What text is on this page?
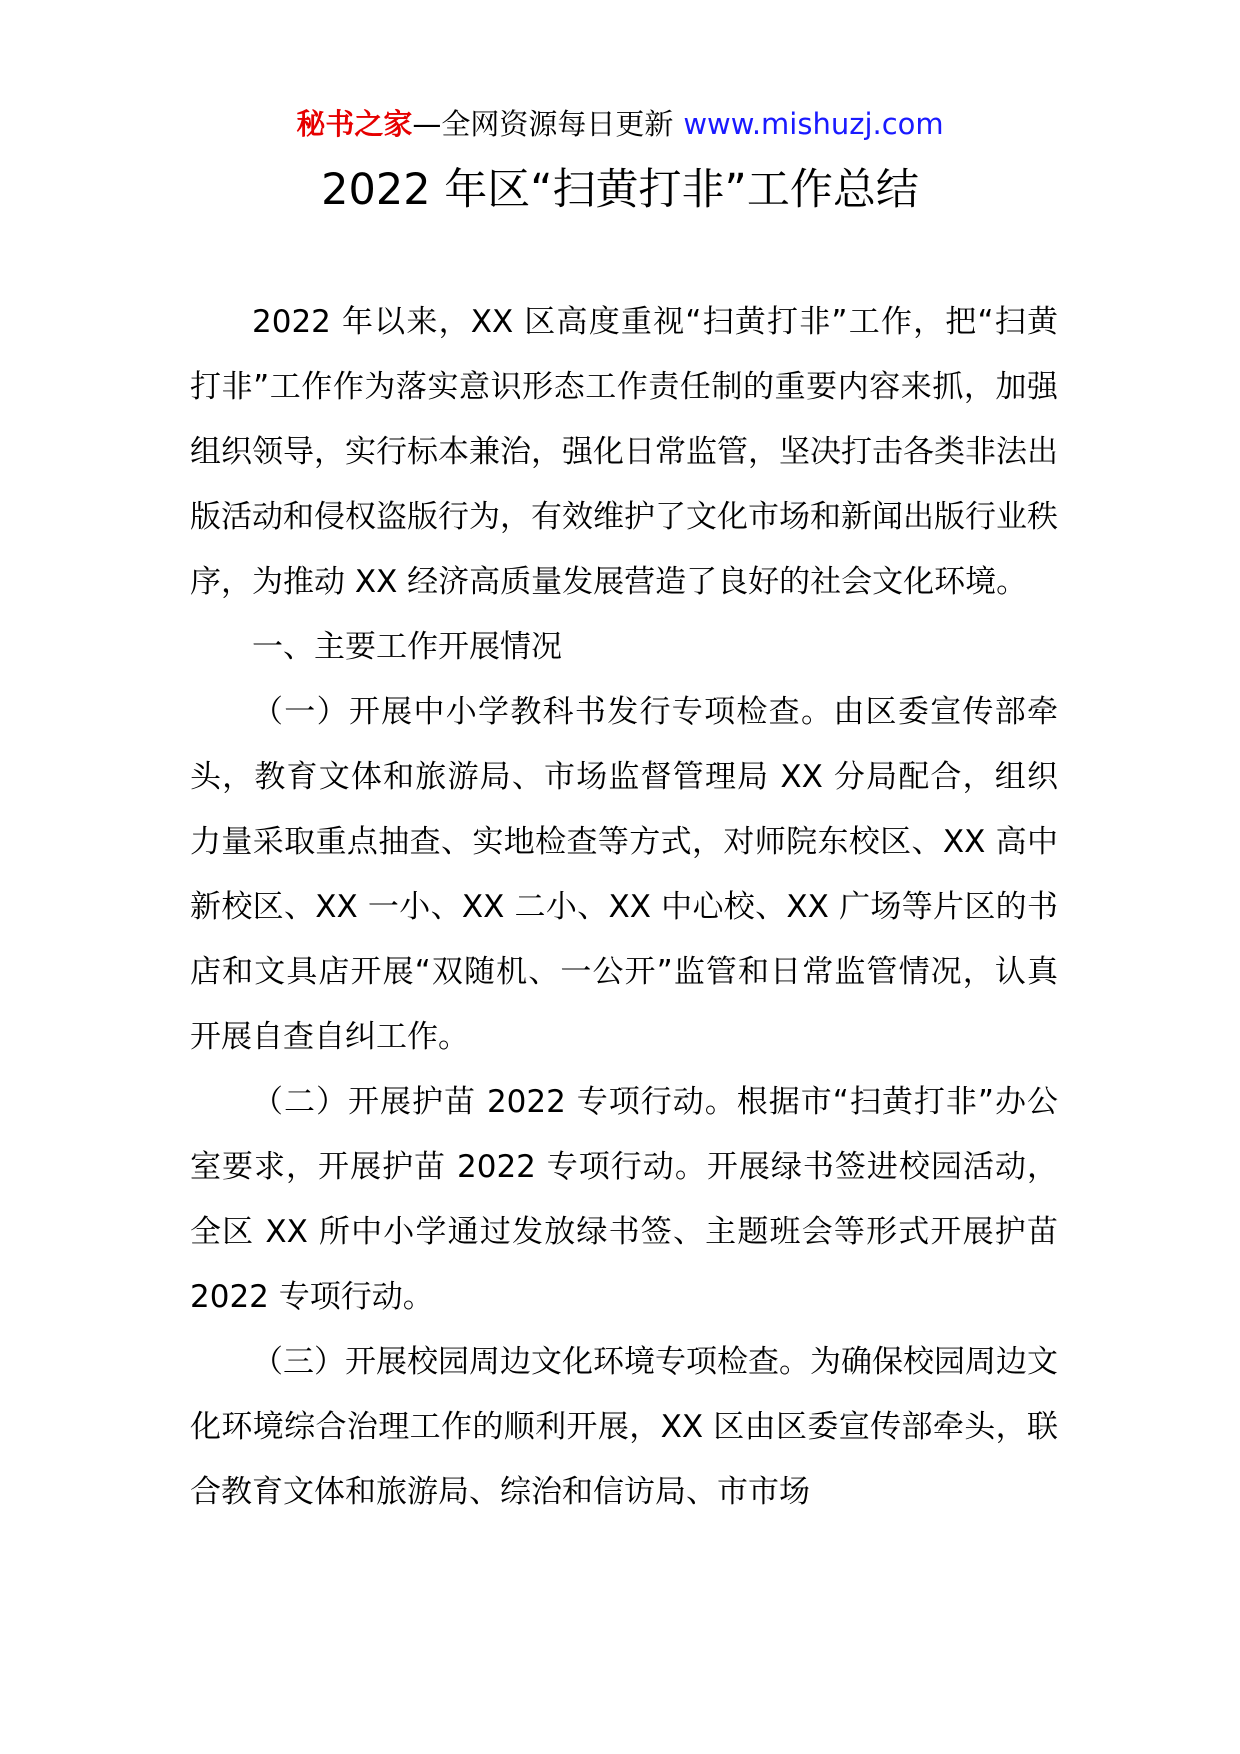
秘书之家—全网资源每日更新 www.mishuzj.com
2022 年区“扫黄打非”工作总结

2022 年以来，XX 区高度重视“扫黄打非”工作，把“扫黄打非”工作作为落实意识形态工作责任制的重要内容来抓，加强组织领导，实行标本兼治，强化日常监管，坚决打击各类非法出版活动和侵权盗版行为，有效维护了文化市场和新闻出版行业秩序，为推动 XX 经济高质量发展营造了良好的社会文化环境。

一、主要工作开展情况

（一）开展中小学教科书发行专项检查。由区委宣传部牵头，教育文体和旅游局、市场监督管理局 XX 分局配合，组织力量采取重点抽查、实地检查等方式，对师院东校区、XX 高中新校区、XX 一小、XX 二小、XX 中心校、XX 广场等片区的书店和文具店开展“双随机、一公开”监管和日常监管情况，认真开展自查自纠工作。

（二）开展护苗 2022 专项行动。根据市“扫黄打非”办公室要求，开展护苗 2022 专项行动。开展绿书签进校园活动，全区 XX 所中小学通过发放绿书签、主题班会等形式开展护苗 2022 专项行动。

（三）开展校园周边文化环境专项检查。为确保校园周边文化环境综合治理工作的顺利开展，XX 区由区委宣传部牵头，联合教育文体和旅游局、综治和信访局、市市场
